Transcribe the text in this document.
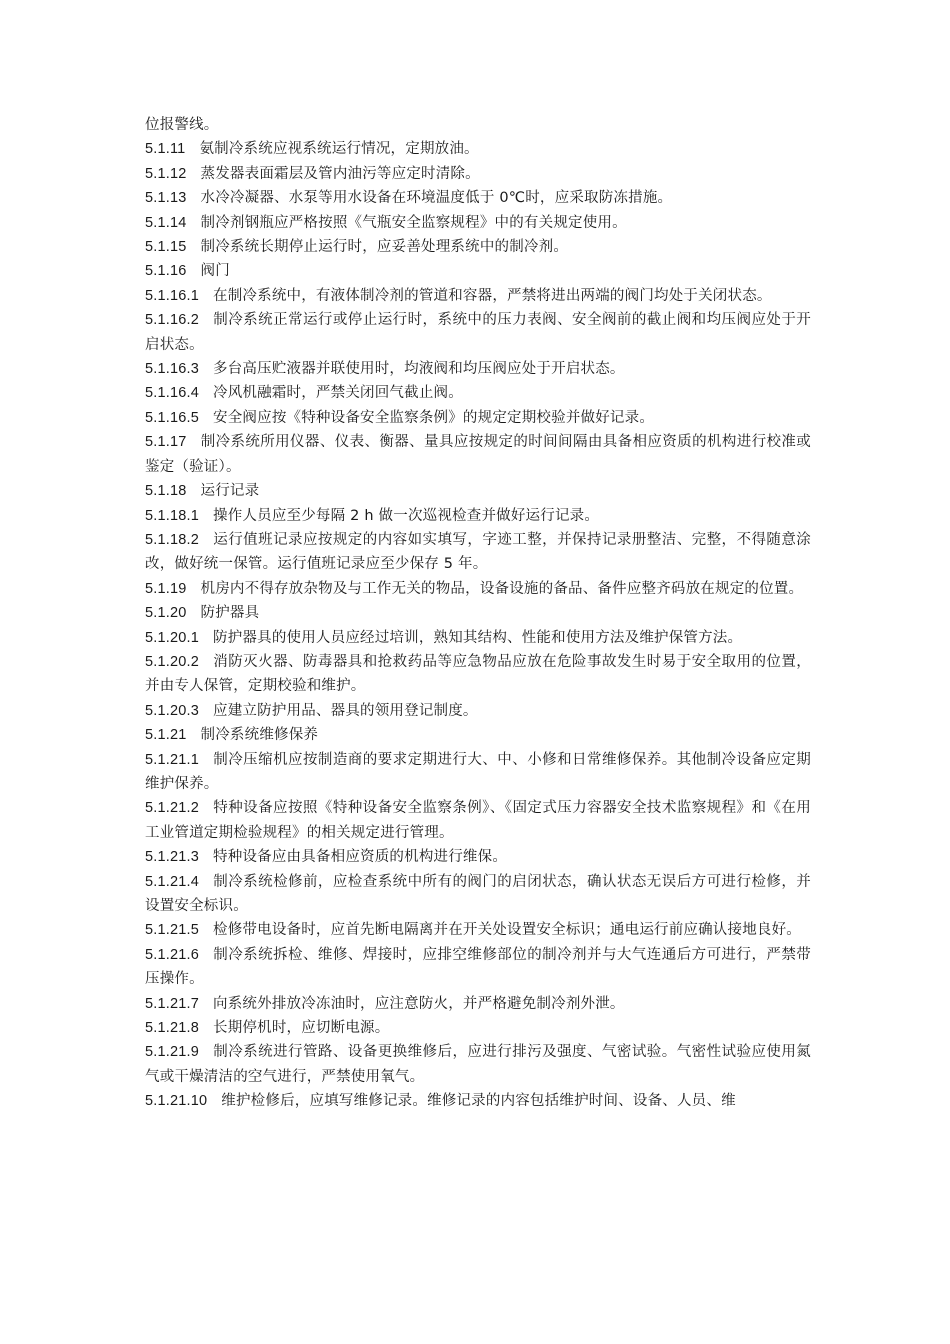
位报警线。

5.1.11 氨制冷系统应视系统运行情况，定期放油。

5.1.12 蒸发器表面霜层及管内油污等应定时清除。

5.1.13 水冷冷凝器、水泵等用水设备在环境温度低于 0℃时，应采取防冻措施。

5.1.14 制冷剂钢瓶应严格按照《气瓶安全监察规程》中的有关规定使用。

5.1.15 制冷系统长期停止运行时，应妥善处理系统中的制冷剂。

5.1.16 阀门

5.1.16.1 在制冷系统中，有液体制冷剂的管道和容器，严禁将进出两端的阀门均处于关闭状态。

5.1.16.2 制冷系统正常运行或停止运行时，系统中的压力表阀、安全阀前的截止阀和均压阀应处于开启状态。

5.1.16.3 多台高压贮液器并联使用时，均液阀和均压阀应处于开启状态。

5.1.16.4 冷风机融霜时，严禁关闭回气截止阀。

5.1.16.5 安全阀应按《特种设备安全监察条例》的规定定期校验并做好记录。

5.1.17 制冷系统所用仪器、仪表、衡器、量具应按规定的时间间隔由具备相应资质的机构进行校准或鉴定（验证）。

5.1.18 运行记录

5.1.18.1 操作人员应至少每隔 2 h 做一次巡视检查并做好运行记录。

5.1.18.2 运行值班记录应按规定的内容如实填写，字迹工整，并保持记录册整洁、完整，不得随意涂改，做好统一保管。运行值班记录应至少保存 5 年。

5.1.19 机房内不得存放杂物及与工作无关的物品，设备设施的备品、备件应整齐码放在规定的位置。

5.1.20 防护器具

5.1.20.1 防护器具的使用人员应经过培训，熟知其结构、性能和使用方法及维护保管方法。

5.1.20.2 消防灭火器、防毒器具和抢救药品等应急物品应放在危险事故发生时易于安全取用的位置，并由专人保管，定期校验和维护。

5.1.20.3 应建立防护用品、器具的领用登记制度。

5.1.21 制冷系统维修保养

5.1.21.1 制冷压缩机应按制造商的要求定期进行大、中、小修和日常维修保养。其他制冷设备应定期维护保养。

5.1.21.2 特种设备应按照《特种设备安全监察条例》、《固定式压力容器安全技术监察规程》和《在用工业管道定期检验规程》的相关规定进行管理。

5.1.21.3 特种设备应由具备相应资质的机构进行维保。

5.1.21.4 制冷系统检修前，应检查系统中所有的阀门的启闭状态，确认状态无误后方可进行检修，并设置安全标识。

5.1.21.5 检修带电设备时，应首先断电隔离并在开关处设置安全标识；通电运行前应确认接地良好。

5.1.21.6 制冷系统拆检、维修、焊接时，应排空维修部位的制冷剂并与大气连通后方可进行，严禁带压操作。

5.1.21.7 向系统外排放冷冻油时，应注意防火，并严格避免制冷剂外泄。

5.1.21.8 长期停机时，应切断电源。

5.1.21.9 制冷系统进行管路、设备更换维修后，应进行排污及强度、气密试验。气密性试验应使用氮气或干燥清洁的空气进行，严禁使用氧气。

5.1.21.10 维护检修后，应填写维修记录。维修记录的内容包括维护时间、设备、人员、维
